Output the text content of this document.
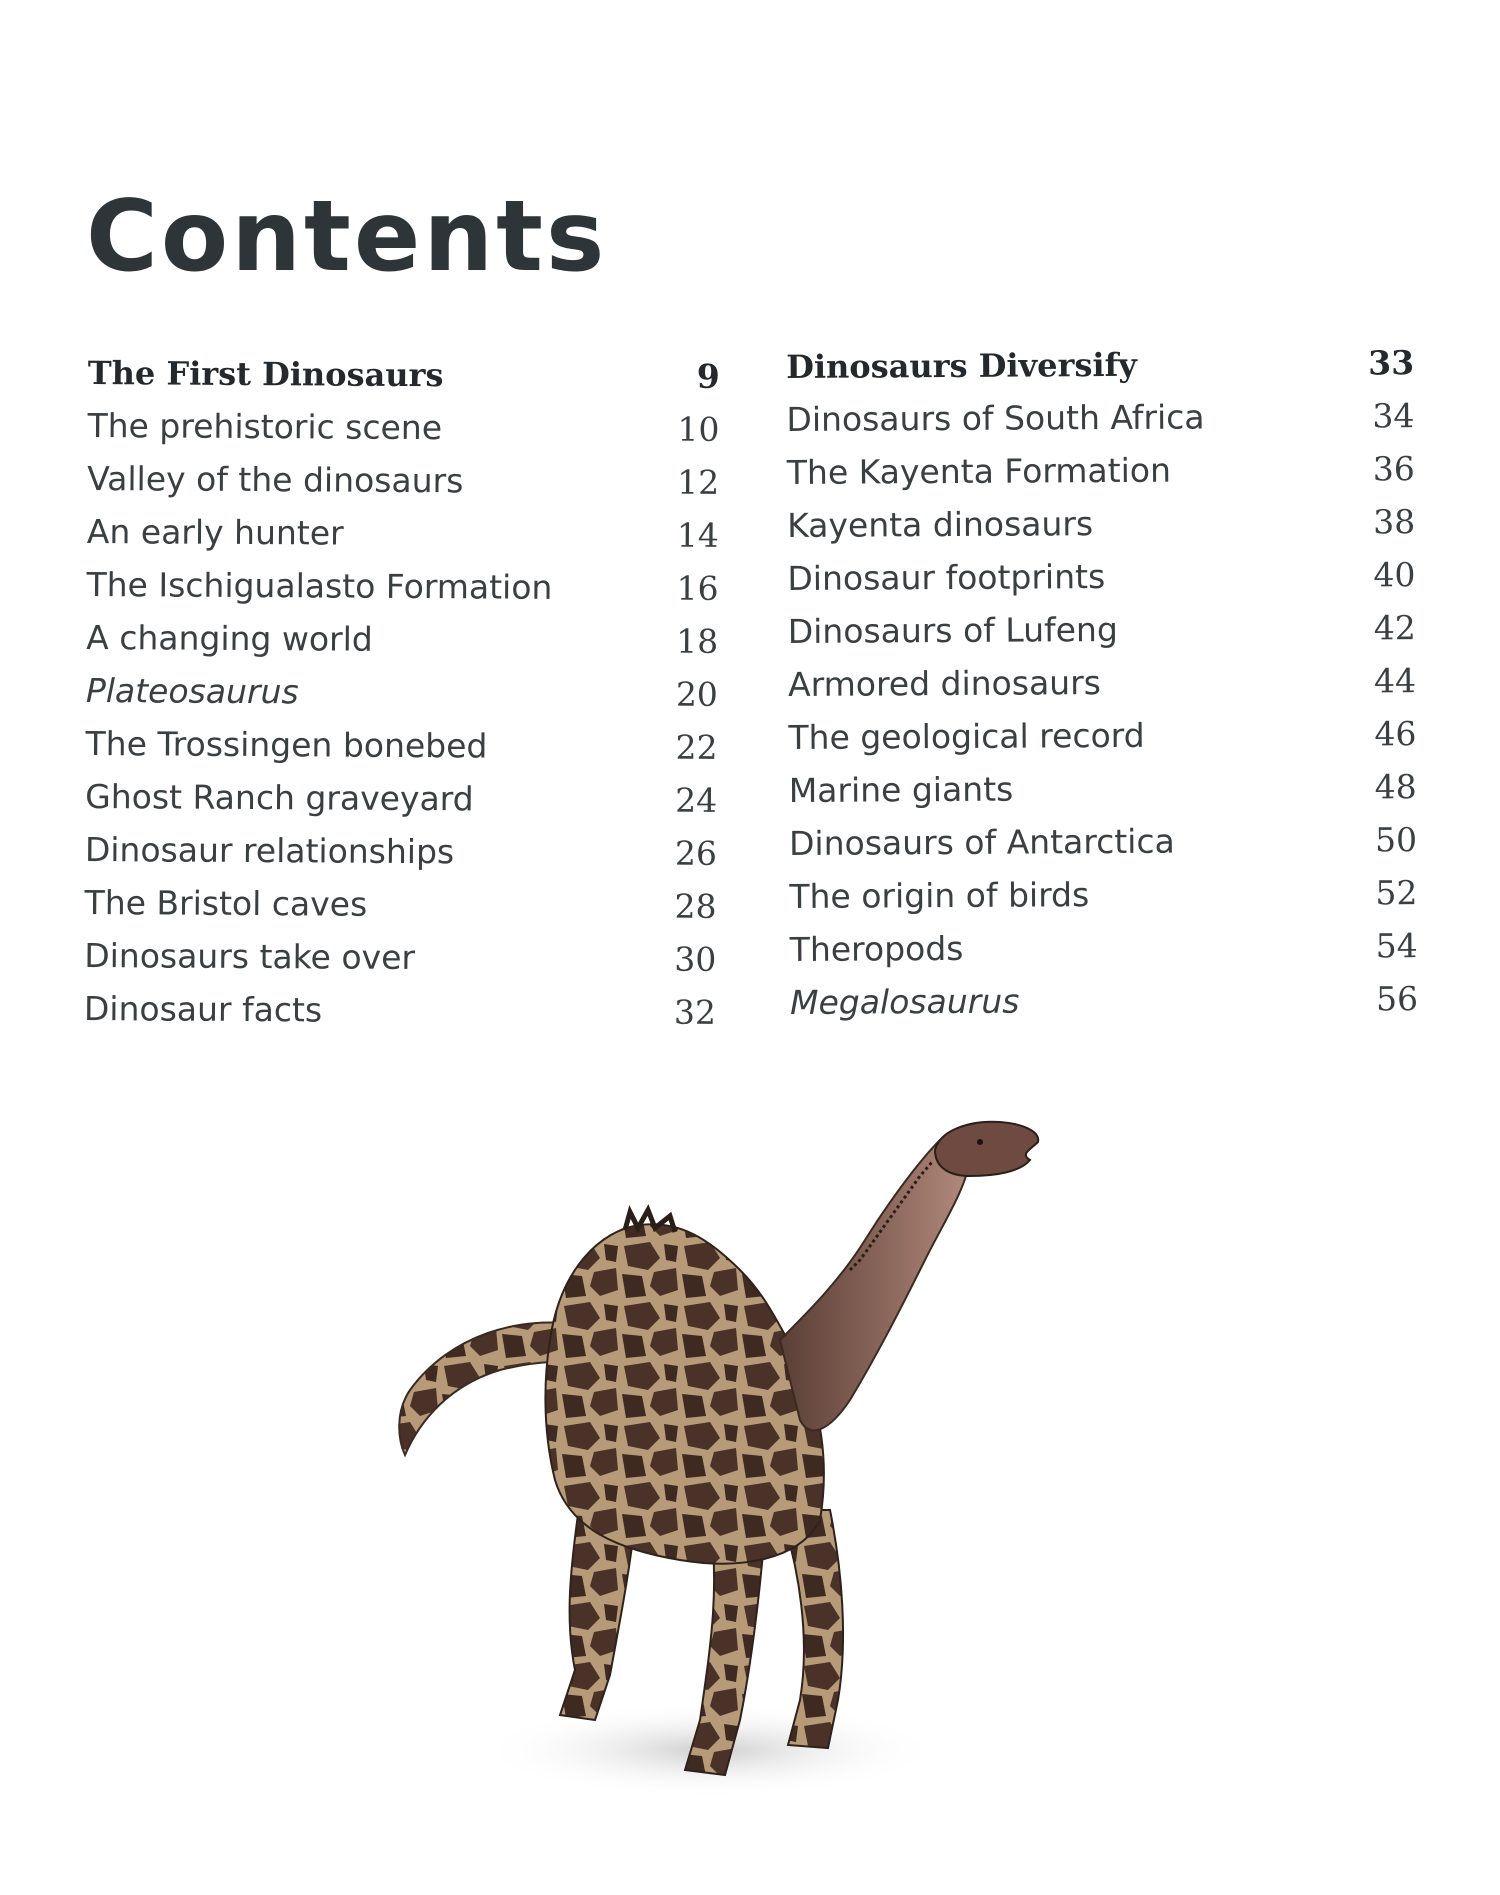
Contents
The First Dinosaurs	9
The prehistoric scene	10
Valley of the dinosaurs	12
An early hunter	14
The Ischigualasto Formation	16
A changing world	18
Plateosaurus	20
The Trossingen bonebed	22
Ghost Ranch graveyard	24
Dinosaur relationships	26
The Bristol caves	28
Dinosaurs take over	30
Dinosaur facts	32
Dinosaurs Diversify	33
Dinosaurs of South Africa	34
The Kayenta Formation	36
Kayenta dinosaurs	38
Dinosaur footprints	40
Dinosaurs of Lufeng	42
Armored dinosaurs	44
The geological record	46
Marine giants	48
Dinosaurs of Antarctica	50
The origin of birds	52
Theropods	54
Megalosaurus	56
